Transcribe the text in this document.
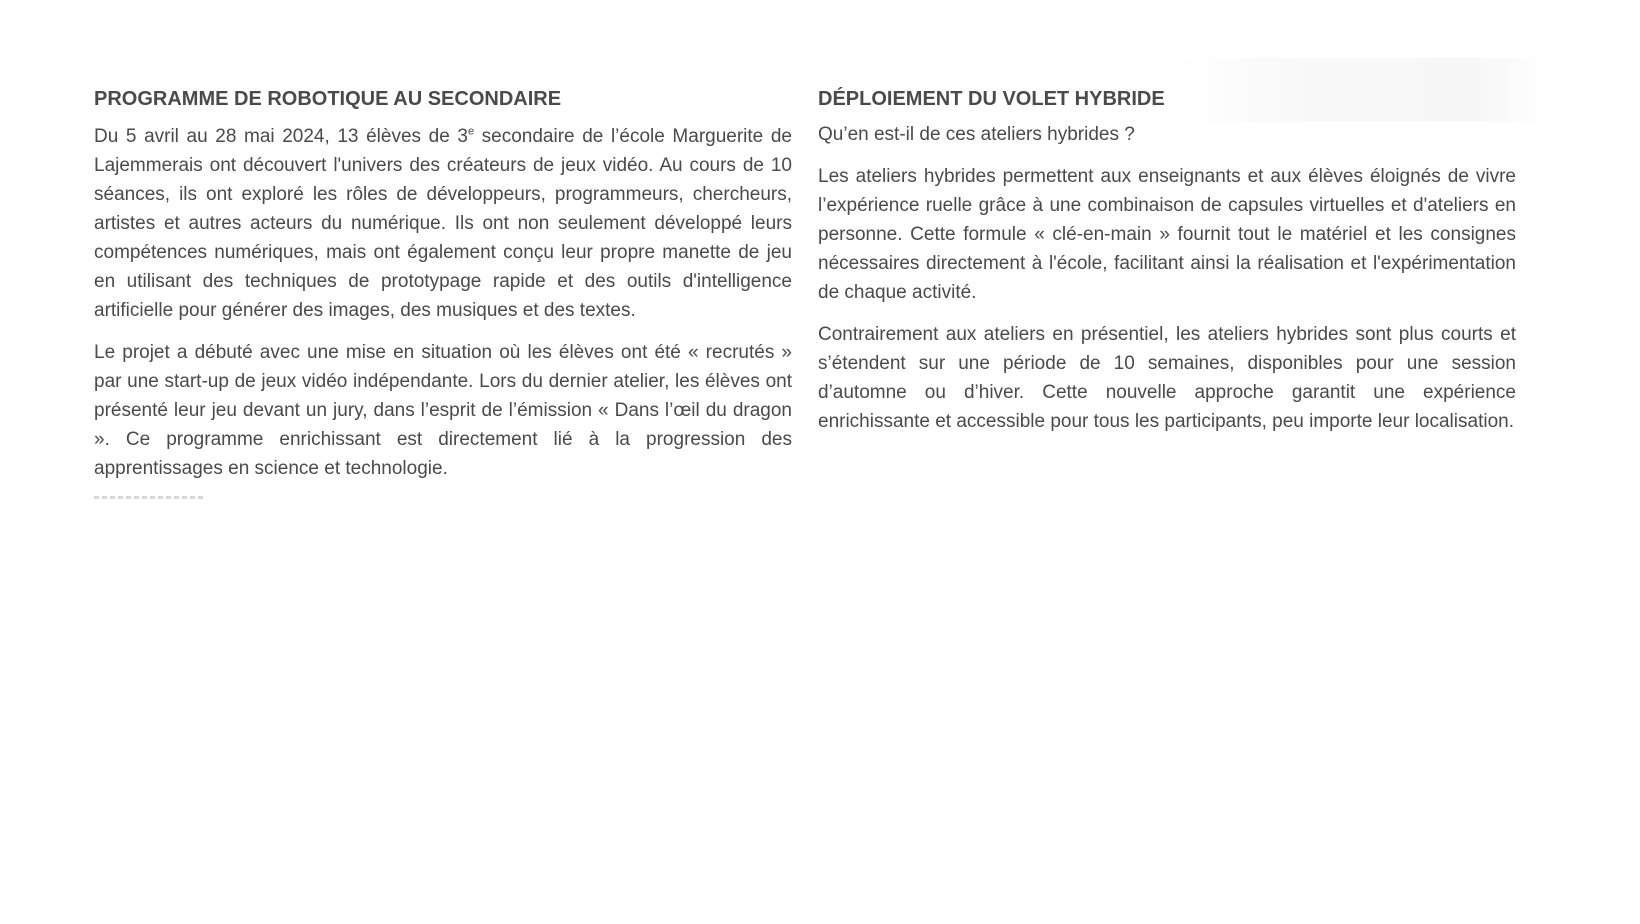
PROGRAMME DE ROBOTIQUE AU SECONDAIRE

Du 5 avril au 28 mai 2024, 13 élèves de 3e secondaire de l’école Marguerite de Lajemmerais ont découvert l'univers des créateurs de jeux vidéo. Au cours de 10 séances, ils ont exploré les rôles de développeurs, programmeurs, chercheurs, artistes et autres acteurs du numérique. Ils ont non seulement développé leurs compétences numériques, mais ont également conçu leur propre manette de jeu en utilisant des techniques de prototypage rapide et des outils d'intelligence artificielle pour générer des images, des musiques et des textes.

Le projet a débuté avec une mise en situation où les élèves ont été « recrutés » par une start-up de jeux vidéo indépendante. Lors du dernier atelier, les élèves ont présenté leur jeu devant un jury, dans l’esprit de l’émission « Dans l’œil du dragon ». Ce programme enrichissant est directement lié à la progression des apprentissages en science et technologie.

DÉPLOIEMENT DU VOLET HYBRIDE
Qu’en est-il de ces ateliers hybrides ?

Les ateliers hybrides permettent aux enseignants et aux élèves éloignés de vivre l’expérience ruelle grâce à une combinaison de capsules virtuelles et d'ateliers en personne. Cette formule « clé-en-main » fournit tout le matériel et les consignes nécessaires directement à l'école, facilitant ainsi la réalisation et l'expérimentation de chaque activité.

Contrairement aux ateliers en présentiel, les ateliers hybrides sont plus courts et s’étendent sur une période de 10 semaines, disponibles pour une session d’automne ou d’hiver. Cette nouvelle approche garantit une expérience enrichissante et accessible pour tous les participants, peu importe leur localisation.
